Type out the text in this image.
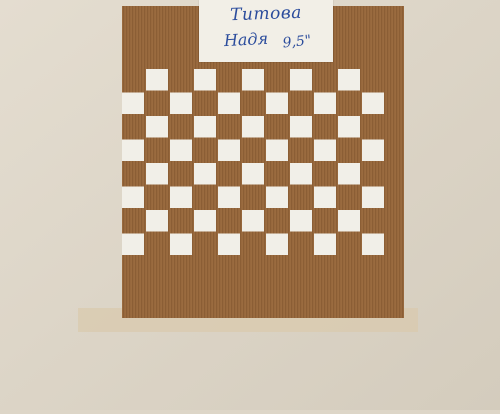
Титова
Надя 9,5"
